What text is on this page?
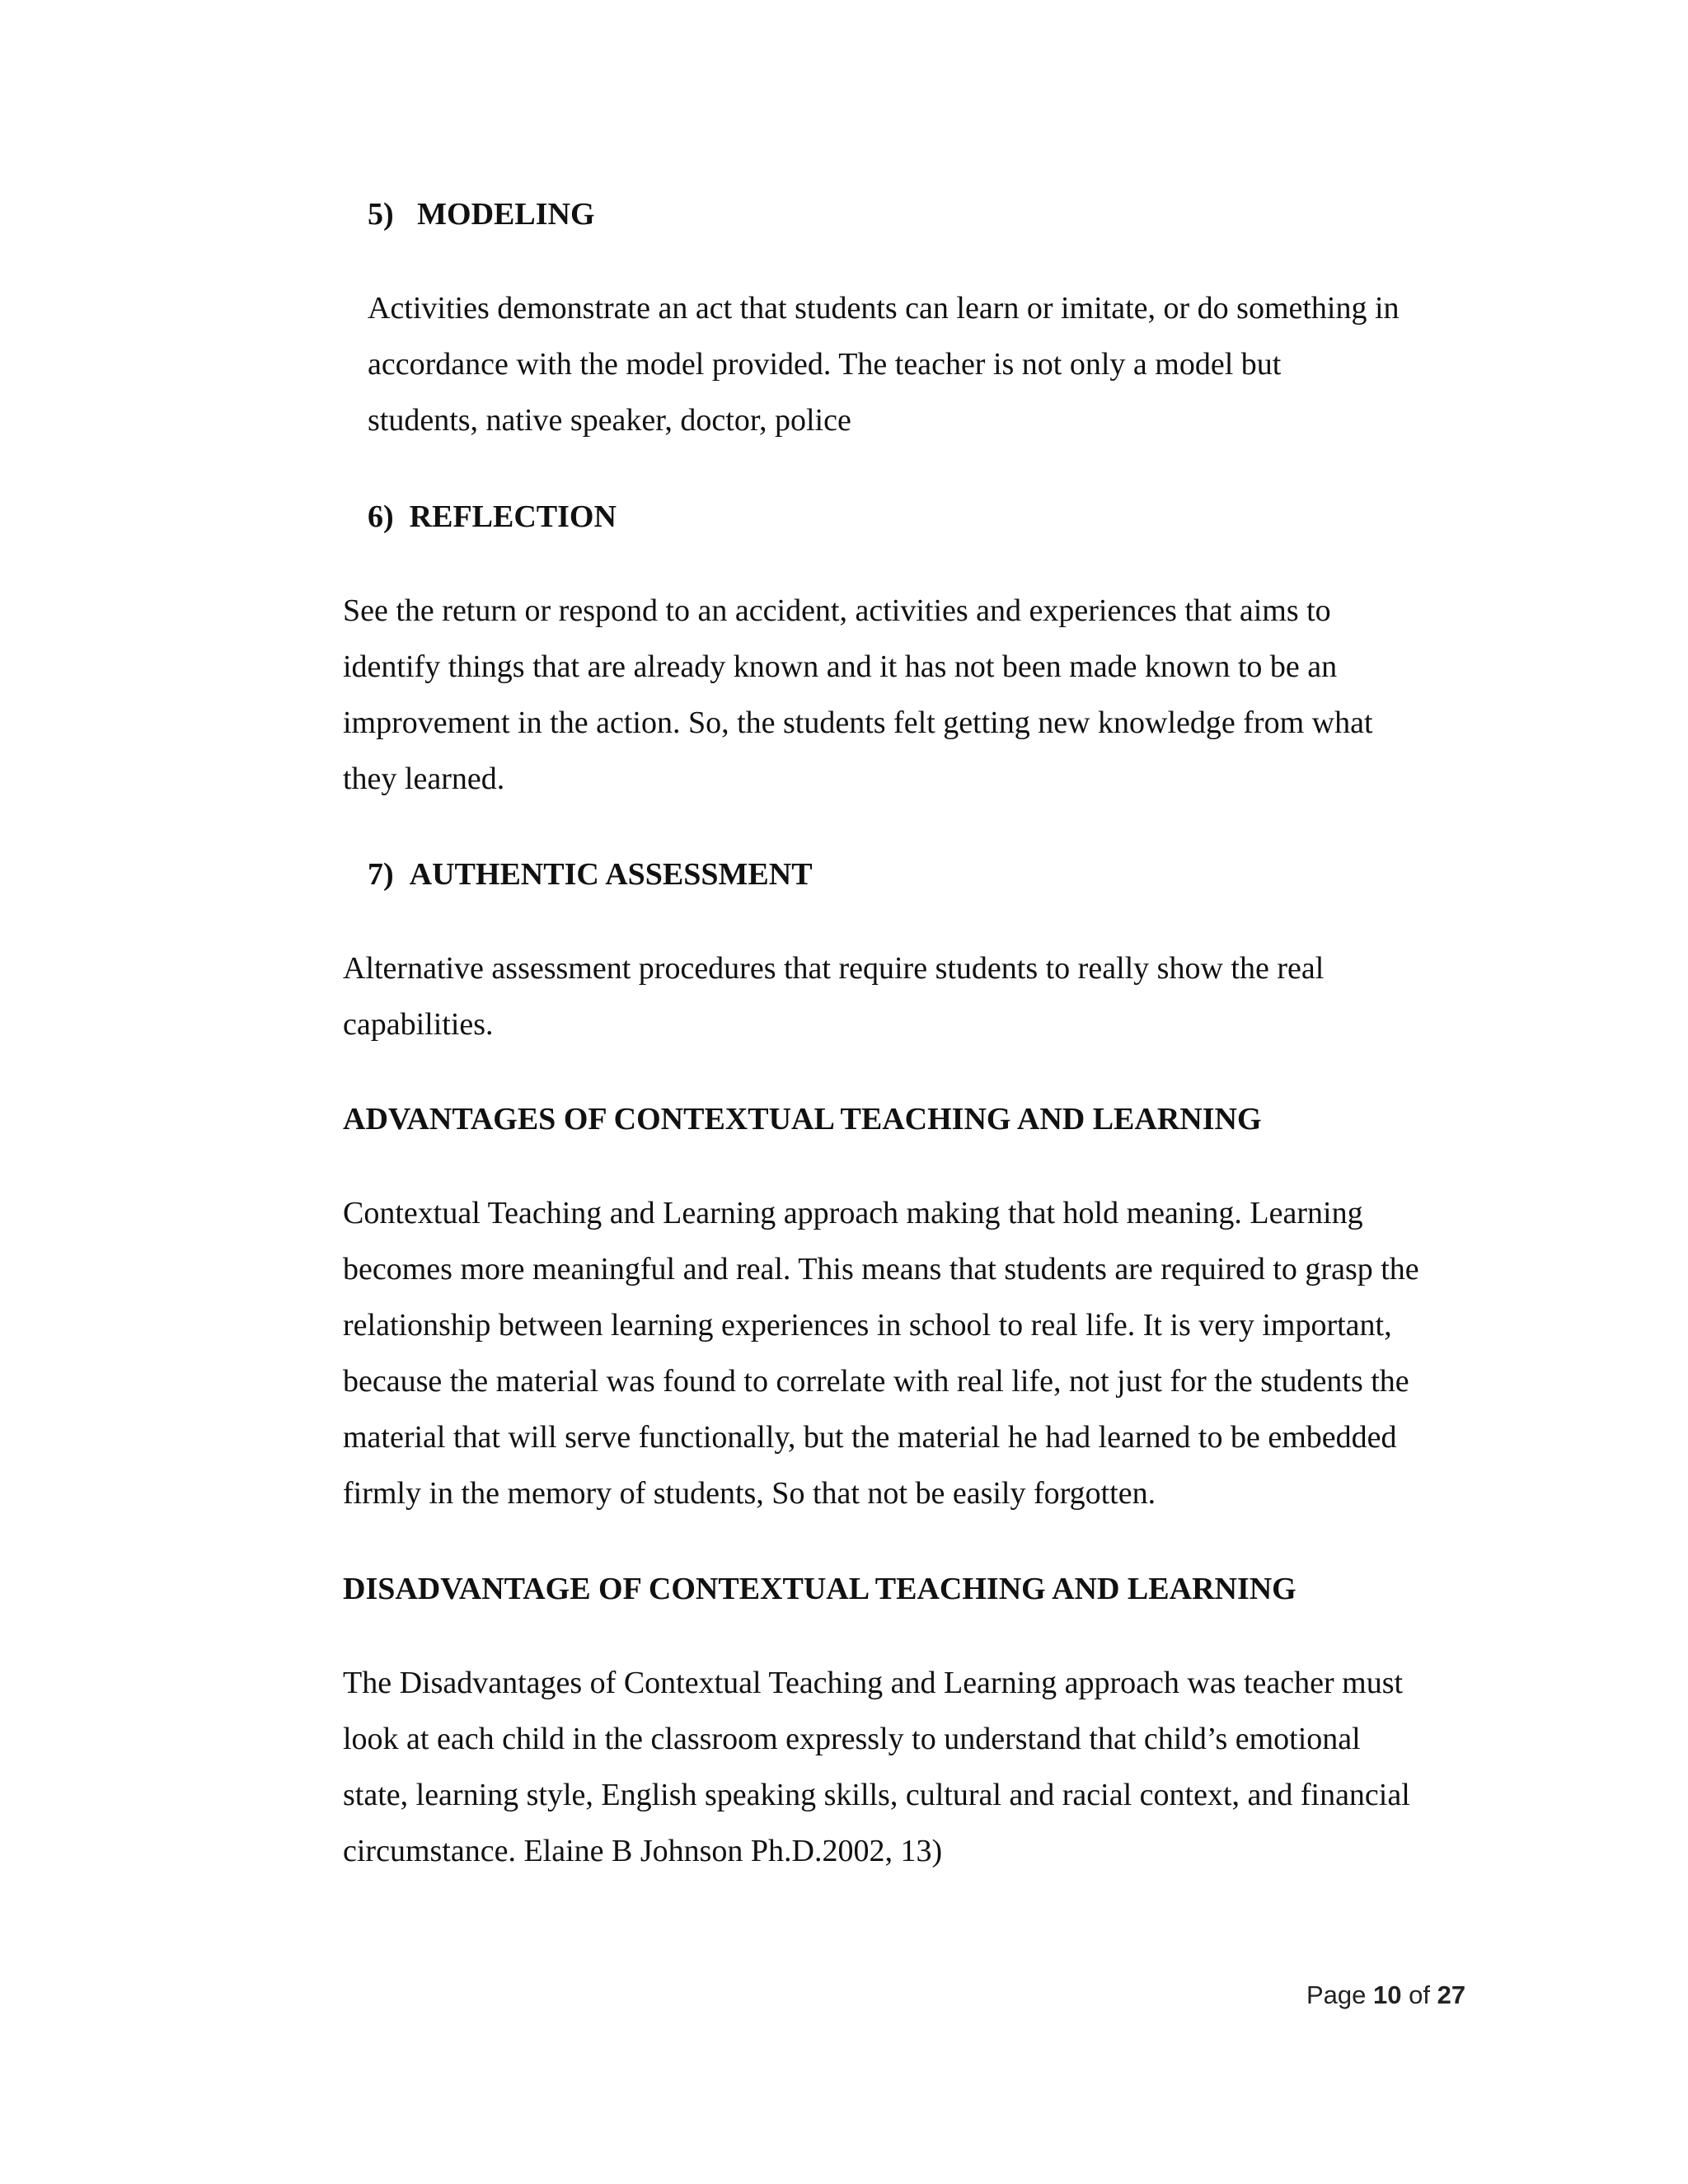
5) MODELING
Activities demonstrate an act that students can learn or imitate, or do something in
accordance with the model provided. The teacher is not only a model but
students, native speaker, doctor, police
6) REFLECTION
See the return or respond to an accident, activities and experiences that aims to
identify things that are already known and it has not been made known to be an
improvement in the action. So, the students felt getting new knowledge from what
they learned.
7) AUTHENTIC ASSESSMENT
Alternative assessment procedures that require students to really show the real
capabilities.
ADVANTAGES OF CONTEXTUAL TEACHING AND LEARNING
Contextual Teaching and Learning approach making that hold meaning. Learning
becomes more meaningful and real. This means that students are required to grasp the
relationship between learning experiences in school to real life. It is very important,
because the material was found to correlate with real life, not just for the students the
material that will serve functionally, but the material he had learned to be embedded
firmly in the memory of students, So that not be easily forgotten.
DISADVANTAGE OF CONTEXTUAL TEACHING AND LEARNING
The Disadvantages of Contextual Teaching and Learning approach was teacher must
look at each child in the classroom expressly to understand that child’s emotional
state, learning style, English speaking skills, cultural and racial context, and financial
circumstance. Elaine B Johnson Ph.D.2002, 13)
Page 10 of 27
